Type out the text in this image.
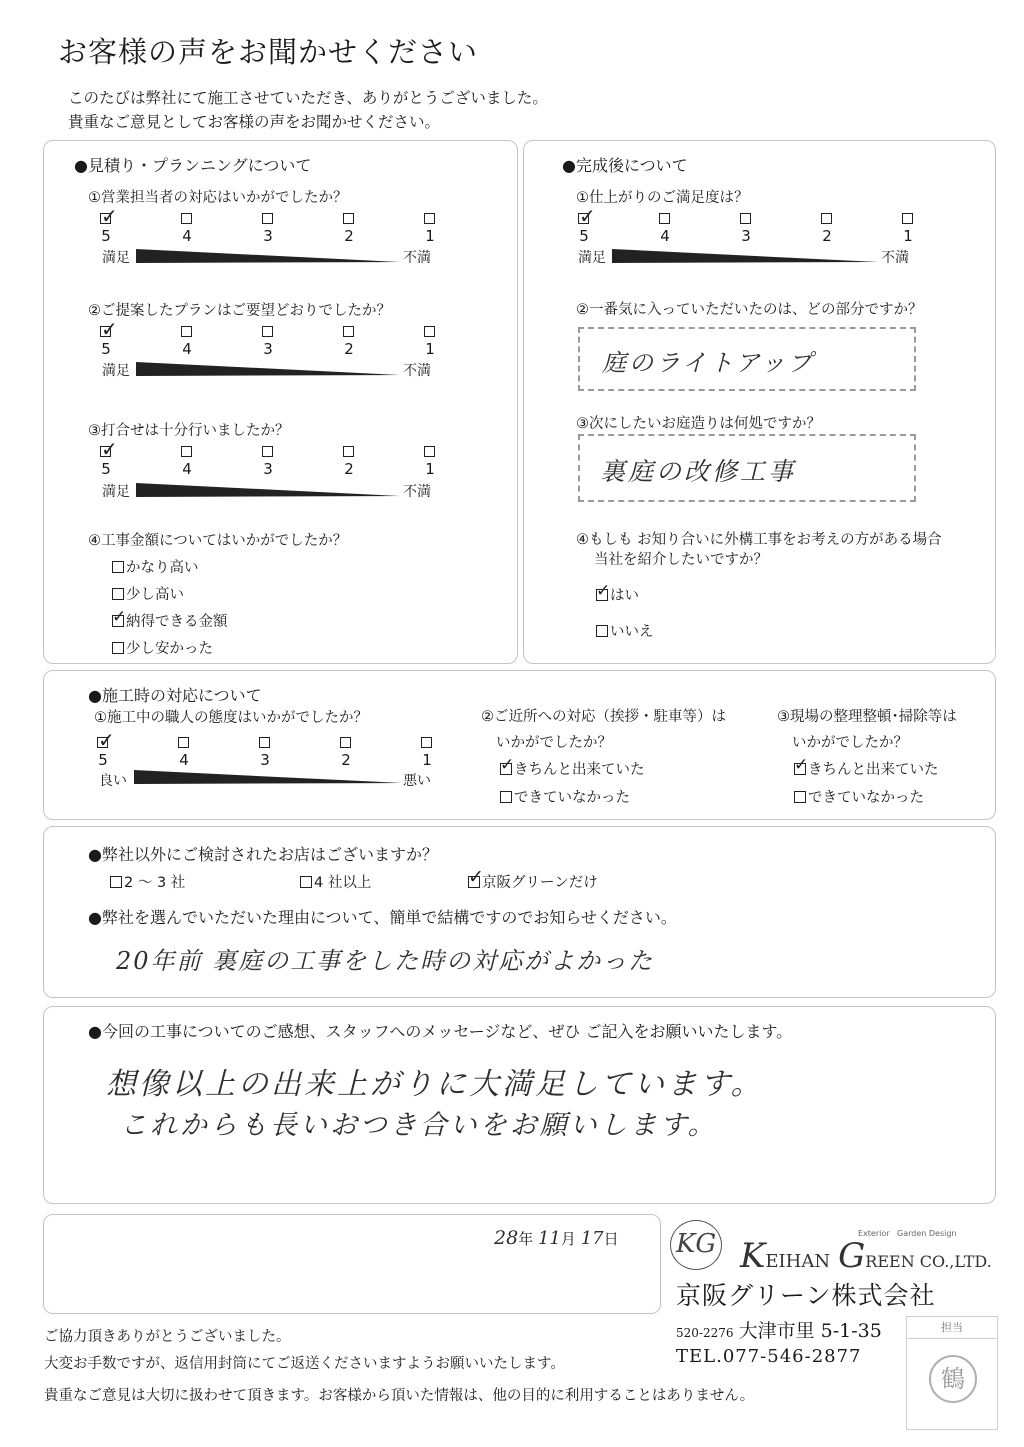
お客様の声をお聞かせください
このたびは弊社にて施工させていただき、ありがとうございました。
貴重なご意見としてお客様の声をお聞かせください。
●見積り・プランニングについて
①営業担当者の対応はいかがでしたか？
✓
5	4	3	2	1
満足	不満
②ご提案したプランはご要望どおりでしたか？
✓
5	4	3	2	1
満足	不満
③打合せは十分行いましたか？
✓
5	4	3	2	1
満足	不満
④工事金額についてはいかがでしたか？
かなり高い
少し高い
✓ 納得できる金額
少し安かった
●完成後について
①仕上がりのご満足度は？
✓
5	4	3	2	1
満足	不満
②一番気に入っていただいたのは、どの部分ですか？
庭のライトアップ
③次にしたいお庭造りは何処ですか？
裏庭の改修工事
④もしも お知り合いに外構工事をお考えの方がある場合
当社を紹介したいですか？
✓ はい
いいえ
●施工時の対応について
①施工中の職人の態度はいかがでしたか？
✓
5	4	3	2	1
良い	悪い
②ご近所への対応（挨拶・駐車等）は
いかがでしたか？
✓ きちんと出来ていた
できていなかった
③現場の整理整頓･掃除等は
いかがでしたか？
✓ きちんと出来ていた
できていなかった
●弊社以外にご検討されたお店はございますか？
2 ～ 3 社	4 社以上	✓
京阪グリーンだけ
●弊社を選んでいただいた理由について、簡単で結構ですのでお知らせください。
20年前 裏庭の工事をした時の対応がよかった
●今回の工事についてのご感想、スタッフへのメッセージなど、ぜひ ご記入をお願いいたします。
想像以上の出来上がりに大満足しています。
これからも長いおつき合いをお願いします。
28年 11月 17日 KG	Exterior Garden Design
KEIHAN GREEN CO.,LTD.
京阪グリーン株式会社
520-2276 大津市里 5-1-35
TEL.077-546-2877
担当
鶴
ご協力頂きありがとうございました。
大変お手数ですが、返信用封筒にてご返送くださいますようお願いいたします。
貴重なご意見は大切に扱わせて頂きます。お客様から頂いた情報は、他の目的に利用することはありません。
